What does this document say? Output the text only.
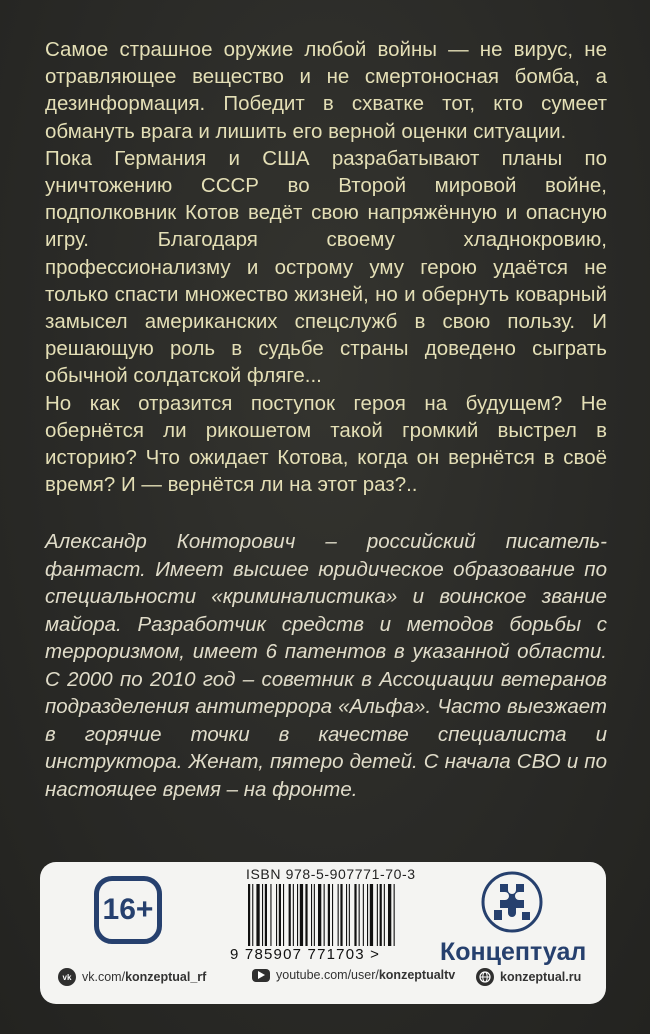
Самое страшное оружие любой войны — не вирус, не отравляющее вещество и не смертоносная бомба, а дезинформация. Победит в схватке тот, кто сумеет обмануть врага и лишить его верной оценки ситуации.

Пока Германия и США разрабатывают планы по уничтожению СССР во Второй мировой войне, подполковник Котов ведёт свою напряжённую и опасную игру. Благодаря своему хладнокровию, профессионализму и острому уму герою удаётся не только спасти множество жизней, но и обернуть коварный замысел американских спецслужб в свою пользу. И решающую роль в судьбе страны доведено сыграть обычной солдатской фляге...

Но как отразится поступок героя на будущем? Не обернётся ли рикошетом такой громкий выстрел в историю? Что ожидает Котова, когда он вернётся в своё время? И — вернётся ли на этот раз?..

Александр Конторович – российский писатель-фантаст. Имеет высшее юридическое образование по специальности «криминалистика» и воинское звание майора. Разработчик средств и методов борьбы с терроризмом, имеет 6 патентов в указанной области. С 2000 по 2010 год – советник в Ассоциации ветеранов подразделения антитеррора «Альфа». Часто выезжает в горячие точки в качестве специалиста и инструктора. Женат, пятеро детей. С начала СВО и по настоящее время – на фронте.

16+
ISBN 978-5-907771-70-3
9 785907 771703 > Концептуал
vk vk.com/konzeptual_rf	youtube.com/user/konzeptualtv	konzeptual.ru
